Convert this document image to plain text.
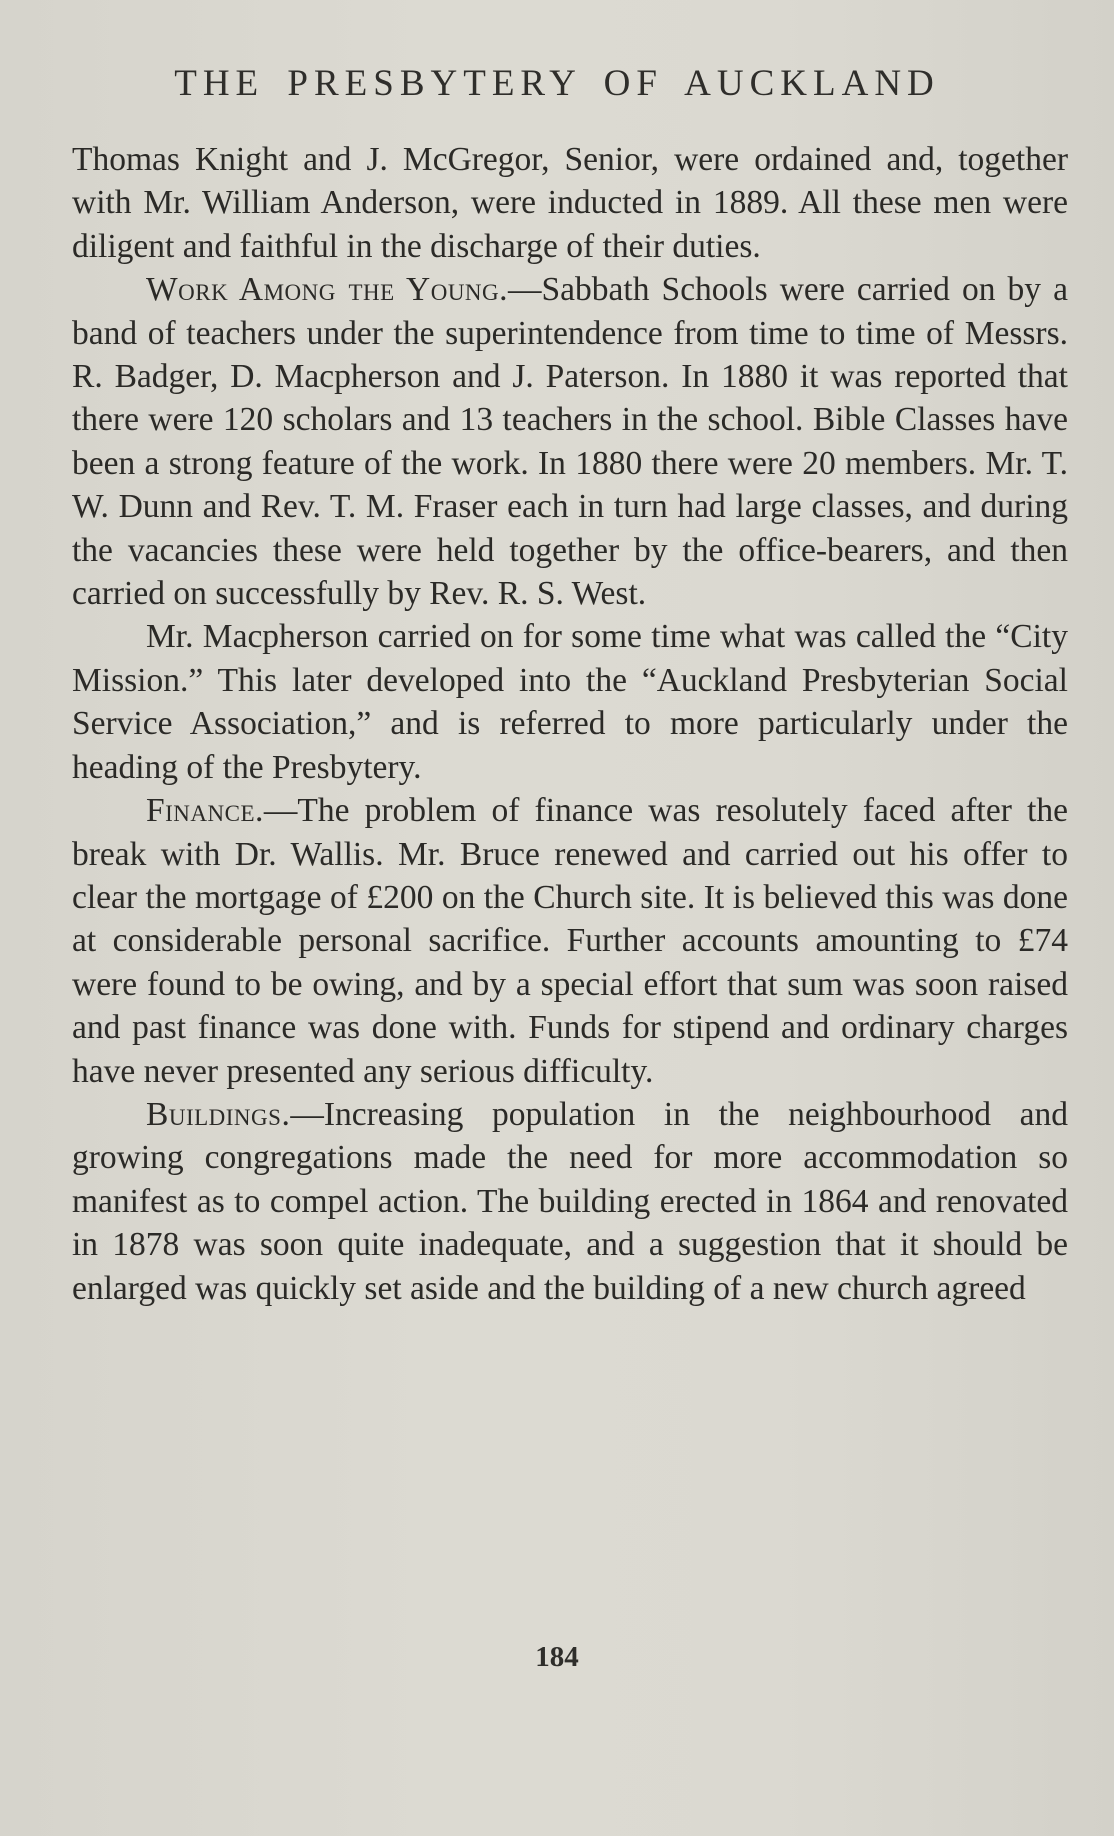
THE PRESBYTERY OF AUCKLAND

Thomas Knight and J. McGregor, Senior, were ordained and, together with Mr. William Anderson, were inducted in 1889. All these men were diligent and faithful in the discharge of their duties.

Work Among the Young.—Sabbath Schools were carried on by a band of teachers under the superintendence from time to time of Messrs. R. Badger, D. Macpherson and J. Paterson. In 1880 it was reported that there were 120 scholars and 13 teachers in the school. Bible Classes have been a strong feature of the work. In 1880 there were 20 members. Mr. T. W. Dunn and Rev. T. M. Fraser each in turn had large classes, and during the vacancies these were held together by the office-bearers, and then carried on successfully by Rev. R. S. West.

Mr. Macpherson carried on for some time what was called the “City Mission.” This later developed into the “Auckland Presbyterian Social Service Association,” and is referred to more particularly under the heading of the Presbytery.

Finance.—The problem of finance was resolutely faced after the break with Dr. Wallis. Mr. Bruce renewed and carried out his offer to clear the mortgage of £200 on the Church site. It is believed this was done at considerable personal sacrifice. Further accounts amounting to £74 were found to be owing, and by a special effort that sum was soon raised and past finance was done with. Funds for stipend and ordinary charges have never presented any serious difficulty.

Buildings.—Increasing population in the neighbourhood and growing congregations made the need for more accommodation so manifest as to compel action. The building erected in 1864 and renovated in 1878 was soon quite inadequate, and a suggestion that it should be enlarged was quickly set aside and the building of a new church agreed

184
